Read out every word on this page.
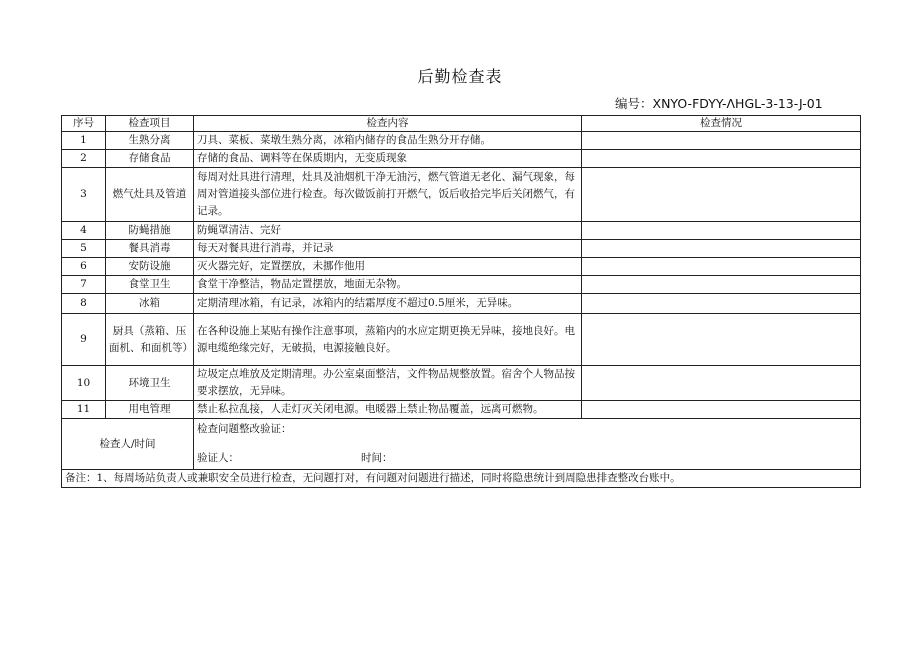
后勤检查表
编号：XNYO-FDYY-ΛHGL-3-13-J-01
序号	检查项目	检查内容	检查情况
1	生熟分离	刀具、菜板、菜墩生熟分离，冰箱内储存的食品生熟分开存储。	
2	存储食品	存储的食品、调料等在保质期内，无变质现象	
3	燃气灶具及管道	每周对灶具进行清理，灶具及油烟机干净无油污，燃气管道无老化、漏气现象，每周对管道接头部位进行检查。每次做饭前打开燃气，饭后收拾完毕后关闭燃气，有记录。	
4	防蝇措施	防蝇罩清洁、完好	
5	餐具消毒	每天对餐具进行消毒，并记录	
6	安防设施	灭火器完好，定置摆放，未挪作他用	
7	食堂卫生	食堂干净整洁，物品定置摆放，地面无杂物。	
8	冰箱	定期清理冰箱，有记录，冰箱内的结霜厚度不超过0.5厘米，无异味。	
9	厨具（蒸箱、压面机、和面机等）	在各种设施上某贴有操作注意事项，蒸箱内的水应定期更换无异味，接地良好。电源电缆绝缘完好，无破损，电源接触良好。	
10	环境卫生	垃圾定点堆放及定期清理。办公室桌面整洁，文件物品规整放置。宿舍个人物品按要求摆放，无异味。	
11	用电管理	禁止私拉乱接，人走灯灭关闭电源。电暖器上禁止物品覆盖，远离可燃物。	
检查人/时间		检查问题整改验证：
验证人： 时间：	

备注：1、每周场站负责人或兼职安全员进行检查，无问题打对，有问题对问题进行描述，同时将隐患统计到周隐患排查整改台账中。			
